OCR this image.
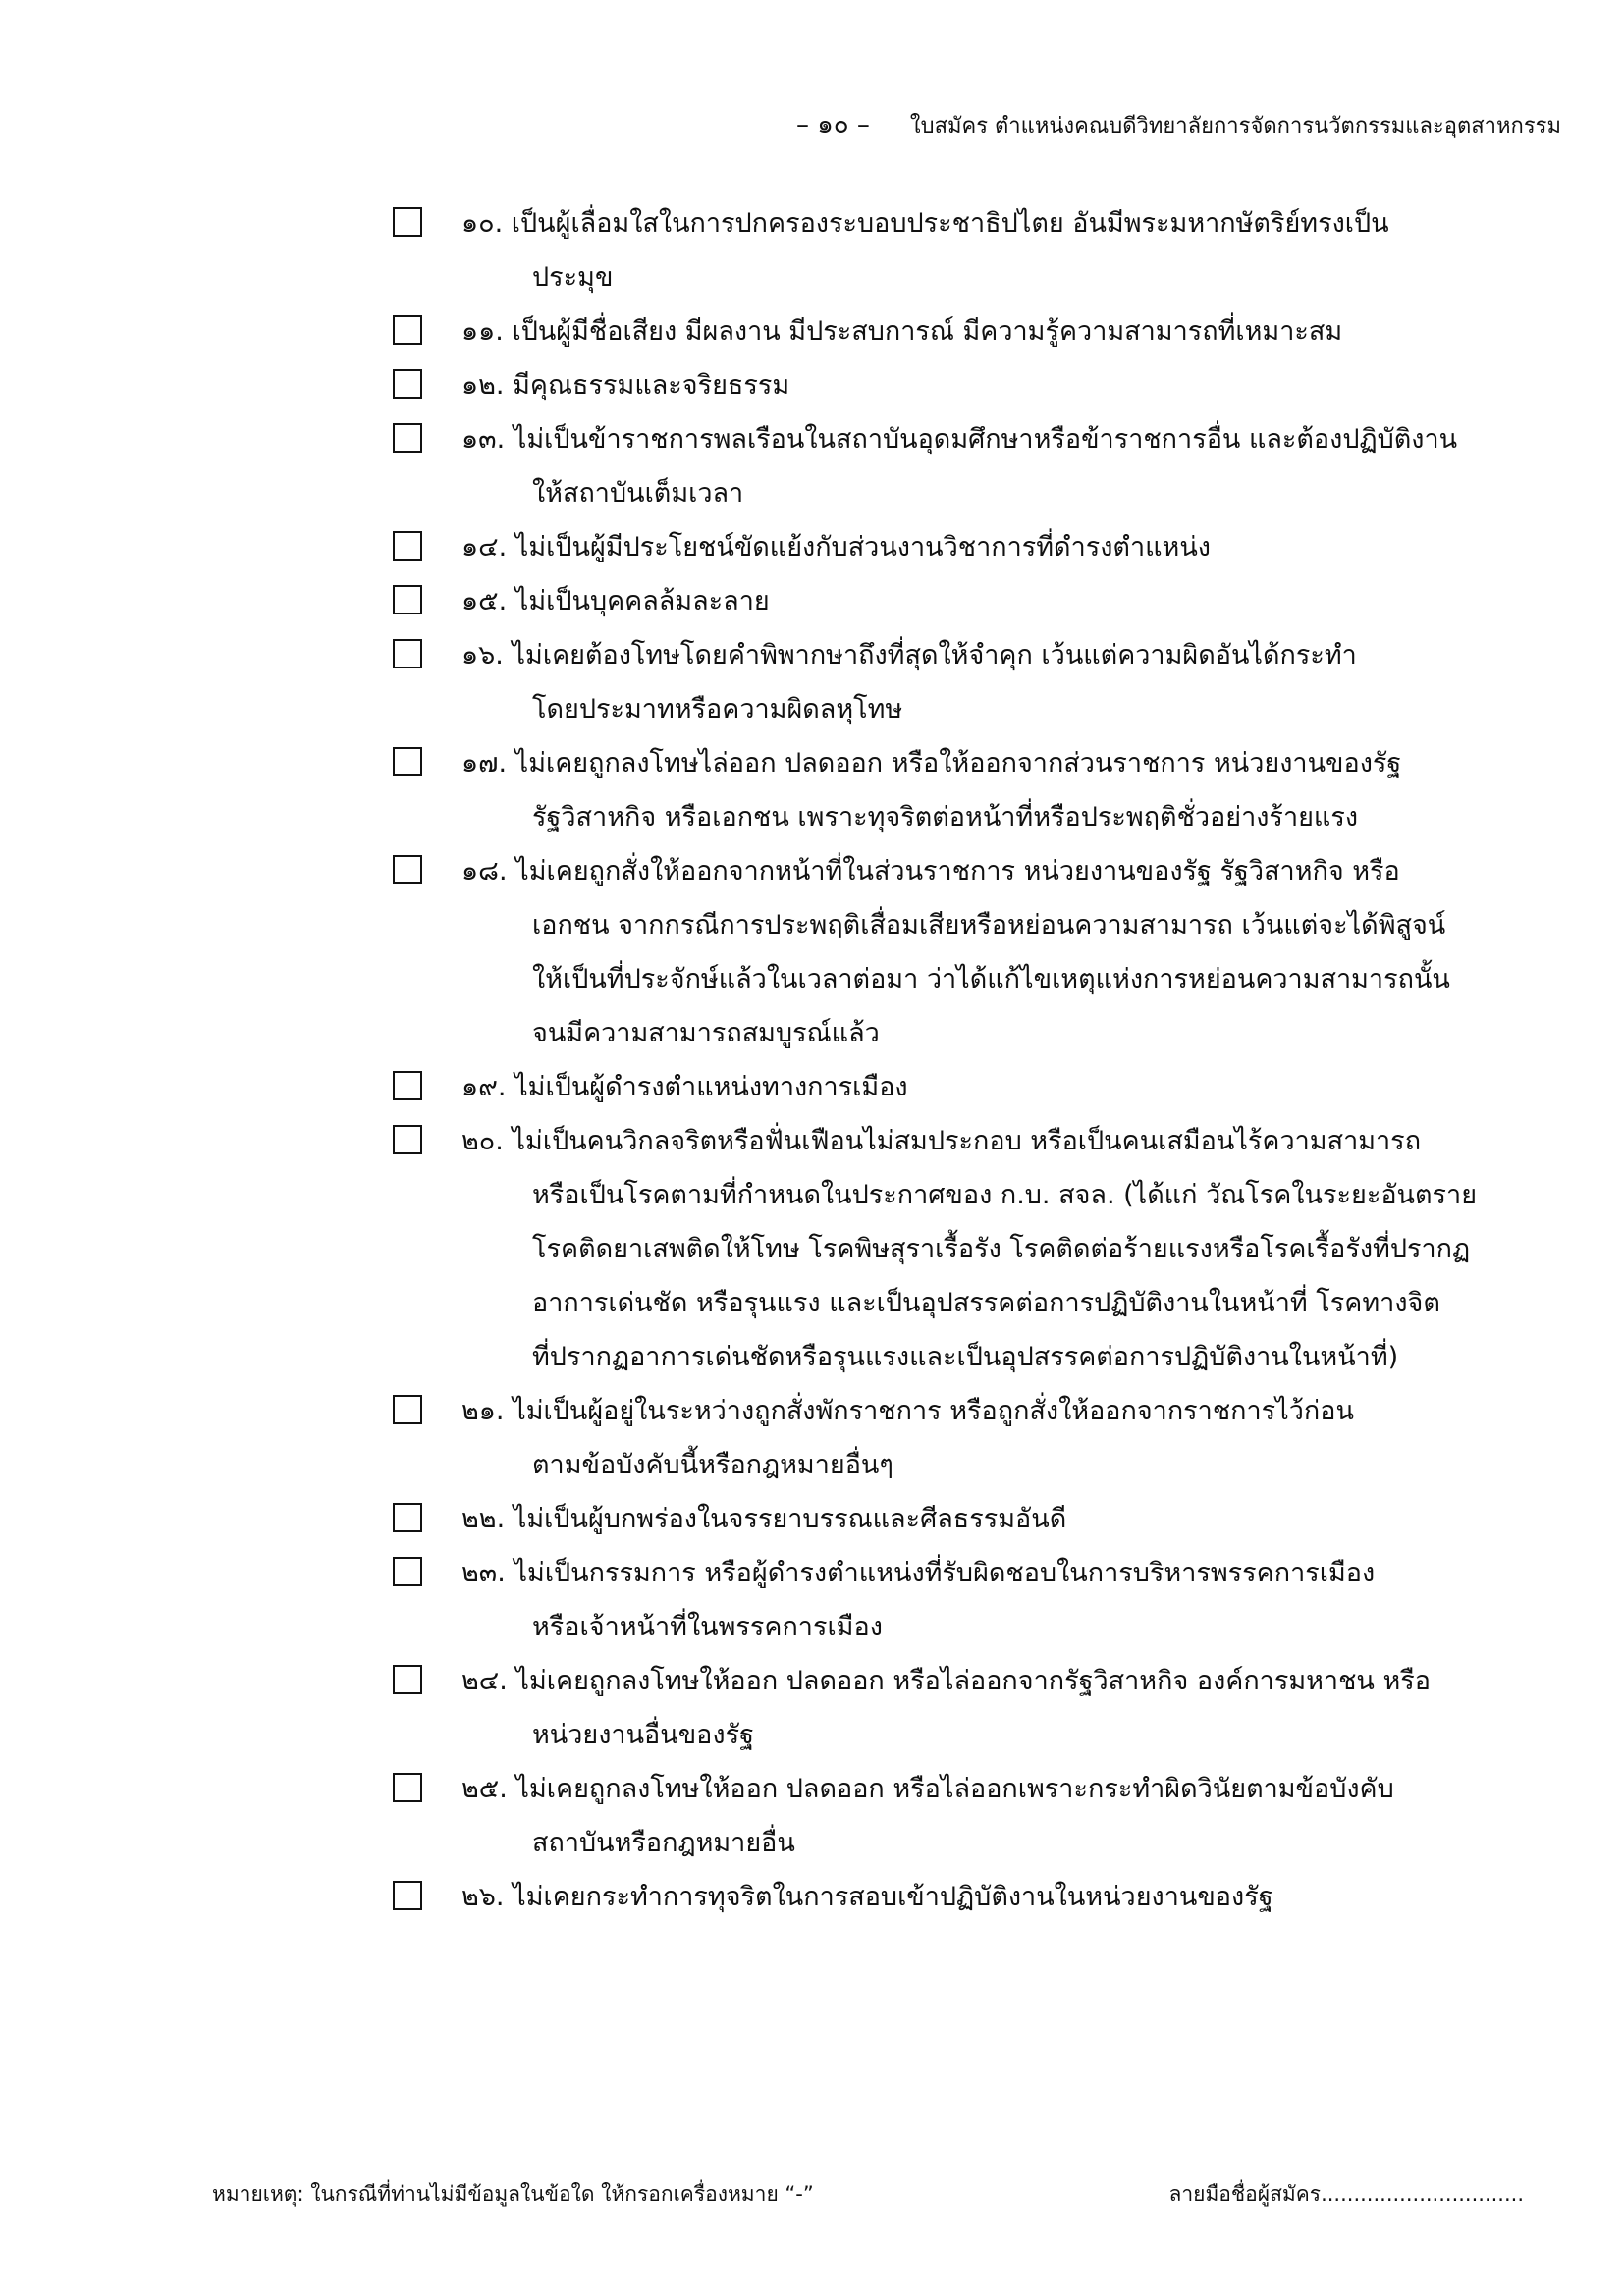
– ๑๐ – ใบสมัคร ตำแหน่งคณบดีวิทยาลัยการจัดการนวัตกรรมและอุตสาหกรรม
๑๐. เป็นผู้เลื่อมใสในการปกครองระบอบประชาธิปไตย อันมีพระมหากษัตริย์ทรงเป็น
ประมุข
๑๑. เป็นผู้มีชื่อเสียง มีผลงาน มีประสบการณ์ มีความรู้ความสามารถที่เหมาะสม
๑๒. มีคุณธรรมและจริยธรรม
๑๓. ไม่เป็นข้าราชการพลเรือนในสถาบันอุดมศึกษาหรือข้าราชการอื่น และต้องปฏิบัติงาน
ให้สถาบันเต็มเวลา
๑๔. ไม่เป็นผู้มีประโยชน์ขัดแย้งกับส่วนงานวิชาการที่ดำรงตำแหน่ง
๑๕. ไม่เป็นบุคคลล้มละลาย
๑๖. ไม่เคยต้องโทษโดยคำพิพากษาถึงที่สุดให้จำคุก เว้นแต่ความผิดอันได้กระทำ
โดยประมาทหรือความผิดลหุโทษ
๑๗. ไม่เคยถูกลงโทษไล่ออก ปลดออก หรือให้ออกจากส่วนราชการ หน่วยงานของรัฐ
รัฐวิสาหกิจ หรือเอกชน เพราะทุจริตต่อหน้าที่หรือประพฤติชั่วอย่างร้ายแรง
๑๘. ไม่เคยถูกสั่งให้ออกจากหน้าที่ในส่วนราชการ หน่วยงานของรัฐ รัฐวิสาหกิจ หรือ
เอกชน จากกรณีการประพฤติเสื่อมเสียหรือหย่อนความสามารถ เว้นแต่จะได้พิสูจน์
ให้เป็นที่ประจักษ์แล้วในเวลาต่อมา ว่าได้แก้ไขเหตุแห่งการหย่อนความสามารถนั้น
จนมีความสามารถสมบูรณ์แล้ว
๑๙. ไม่เป็นผู้ดำรงตำแหน่งทางการเมือง
๒๐. ไม่เป็นคนวิกลจริตหรือฟั่นเฟือนไม่สมประกอบ หรือเป็นคนเสมือนไร้ความสามารถ
หรือเป็นโรคตามที่กำหนดในประกาศของ ก.บ. สจล. (ได้แก่ วัณโรคในระยะอันตราย
โรคติดยาเสพติดให้โทษ โรคพิษสุราเรื้อรัง โรคติดต่อร้ายแรงหรือโรคเรื้อรังที่ปรากฏ
อาการเด่นชัด หรือรุนแรง และเป็นอุปสรรคต่อการปฏิบัติงานในหน้าที่ โรคทางจิต
ที่ปรากฏอาการเด่นชัดหรือรุนแรงและเป็นอุปสรรคต่อการปฏิบัติงานในหน้าที่)
๒๑. ไม่เป็นผู้อยู่ในระหว่างถูกสั่งพักราชการ หรือถูกสั่งให้ออกจากราชการไว้ก่อน
ตามข้อบังคับนี้หรือกฎหมายอื่นๆ
๒๒. ไม่เป็นผู้บกพร่องในจรรยาบรรณและศีลธรรมอันดี
๒๓. ไม่เป็นกรรมการ หรือผู้ดำรงตำแหน่งที่รับผิดชอบในการบริหารพรรคการเมือง
หรือเจ้าหน้าที่ในพรรคการเมือง
๒๔. ไม่เคยถูกลงโทษให้ออก ปลดออก หรือไล่ออกจากรัฐวิสาหกิจ องค์การมหาชน หรือ
หน่วยงานอื่นของรัฐ
๒๕. ไม่เคยถูกลงโทษให้ออก ปลดออก หรือไล่ออกเพราะกระทำผิดวินัยตามข้อบังคับ
สถาบันหรือกฎหมายอื่น
๒๖. ไม่เคยกระทำการทุจริตในการสอบเข้าปฏิบัติงานในหน่วยงานของรัฐ
หมายเหตุ: ในกรณีที่ท่านไม่มีข้อมูลในข้อใด ให้กรอกเครื่องหมาย “-”	ลายมือชื่อผู้สมัคร...............................
